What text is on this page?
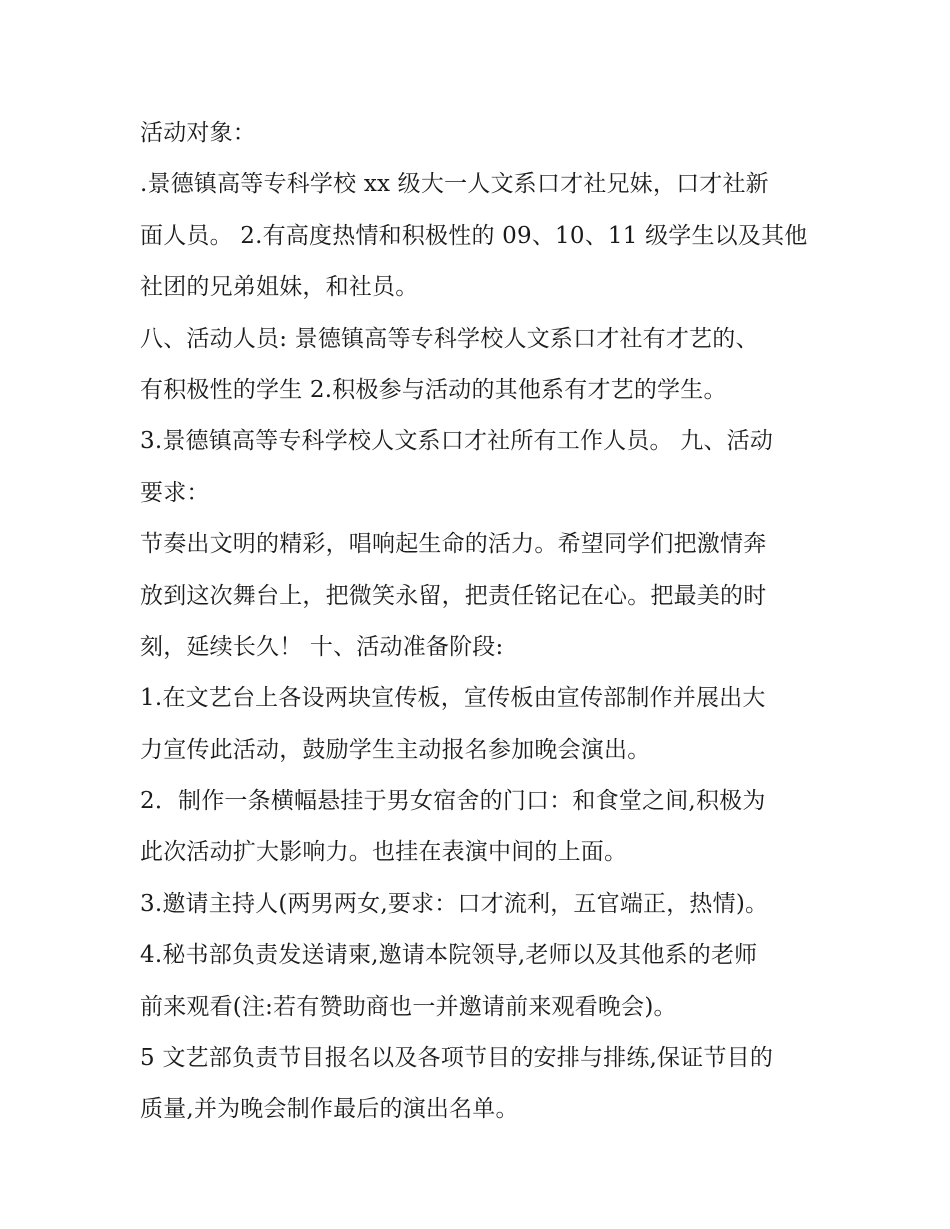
活动对象：
.景德镇高等专科学校 xx 级大一人文系口才社兄妹，口才社新
面人员。 2.有高度热情和积极性的 09、10、11 级学生以及其他
社团的兄弟姐妹，和社员。
八、活动人员: 景德镇高等专科学校人文系口才社有才艺的、
有积极性的学生 2.积极参与活动的其他系有才艺的学生。
3.景德镇高等专科学校人文系口才社所有工作人员。 九、活动
要求：
节奏出文明的精彩，唱响起生命的活力。希望同学们把激情奔
放到这次舞台上，把微笑永留，把责任铭记在心。把最美的时
刻，延续长久！ 十、活动准备阶段:
1.在文艺台上各设两块宣传板，宣传板由宣传部制作并展出大
力宣传此活动，鼓励学生主动报名参加晚会演出。
2．制作一条横幅悬挂于男女宿舍的门口：和食堂之间,积极为
此次活动扩大影响力。也挂在表演中间的上面。
3.邀请主持人(两男两女,要求：口才流利，五官端正，热情)。
4.秘书部负责发送请柬,邀请本院领导,老师以及其他系的老师
前来观看(注:若有赞助商也一并邀请前来观看晚会)。
5 文艺部负责节目报名以及各项节目的安排与排练,保证节目的
质量,并为晚会制作最后的演出名单。
